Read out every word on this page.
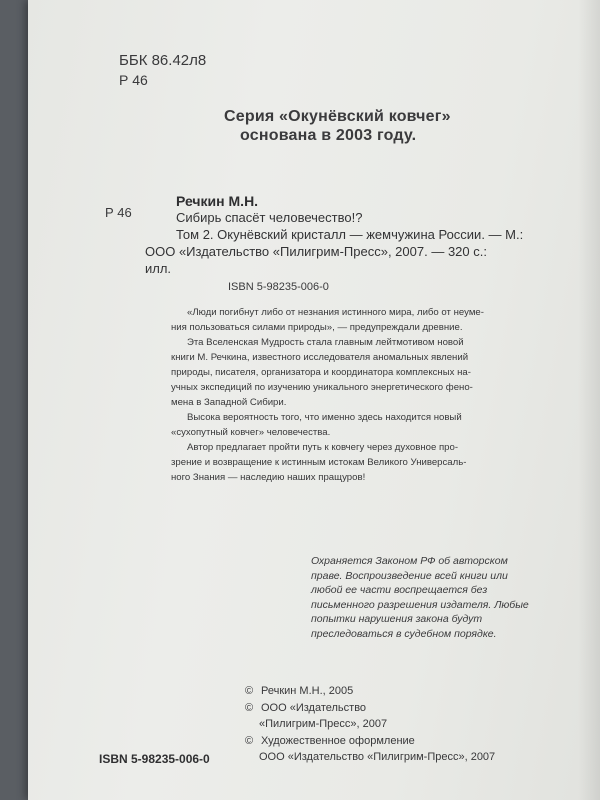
ББК 86.42л8

Р 46

Серия «Окунёвский ковчег»

основана в 2003 году.

Речкин М.Н.

Р 46	Сибирь спасёт человечество!?

Том 2. Окунёвский кристалл — жемчужина России. — М.:

ООО «Издательство «Пилигрим-Пресс», 2007. — 320 с.:

илл.

ISBN 5-98235-006-0

«Люди погибнут либо от незнания истинного мира, либо от неуме-
ния пользоваться силами природы», — предупреждали древние.

Эта Вселенская Мудрость стала главным лейтмотивом новой
книги М. Речкина, известного исследователя аномальных явлений
природы, писателя, организатора и координатора комплексных на-
учных экспедиций по изучению уникального энергетического фено-
мена в Западной Сибири.

Высока вероятность того, что именно здесь находится новый
«сухопутный ковчег» человечества.

Автор предлагает пройти путь к ковчегу через духовное про-
зрение и возвращение к истинным истокам Великого Универсаль-
ного Знания — наследию наших пращуров!

Охраняется Законом РФ об авторском
праве. Воспроизведение всей книги или
любой ее части воспрещается без
письменного разрешения издателя. Любые
попытки нарушения закона будут
преследоваться в судебном порядке.
© Речкин М.Н., 2005
© ООО «Издательство
«Пилигрим-Пресс», 2007
© Художественное оформление
ООО «Издательство «Пилигрим-Пресс», 2007

ISBN 5-98235-006-0
